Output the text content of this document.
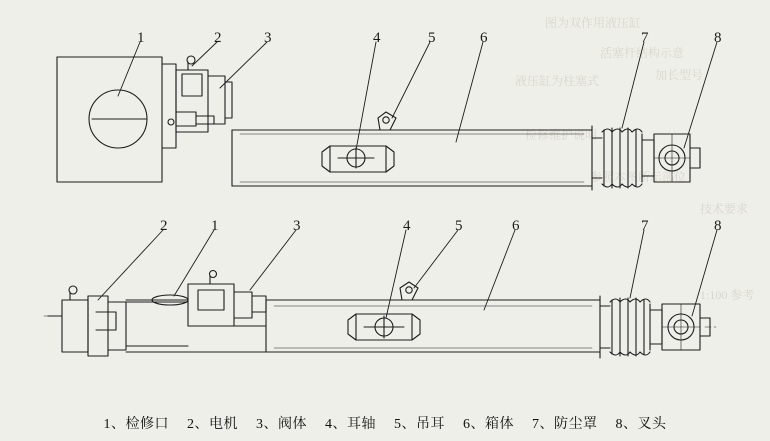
图为双作用液压缸
活塞杆结构示意
液压缸为柱塞式	加长型号
检修维护说明
参照本图所示部位
技术要求
1:100 参考
1	2	3	4	5	6	7	8
2	1	3	4	5	6	7	8
1、检修口 2、电机 3、阀体 4、耳轴 5、吊耳 6、箱体 7、防尘罩 8、叉头
